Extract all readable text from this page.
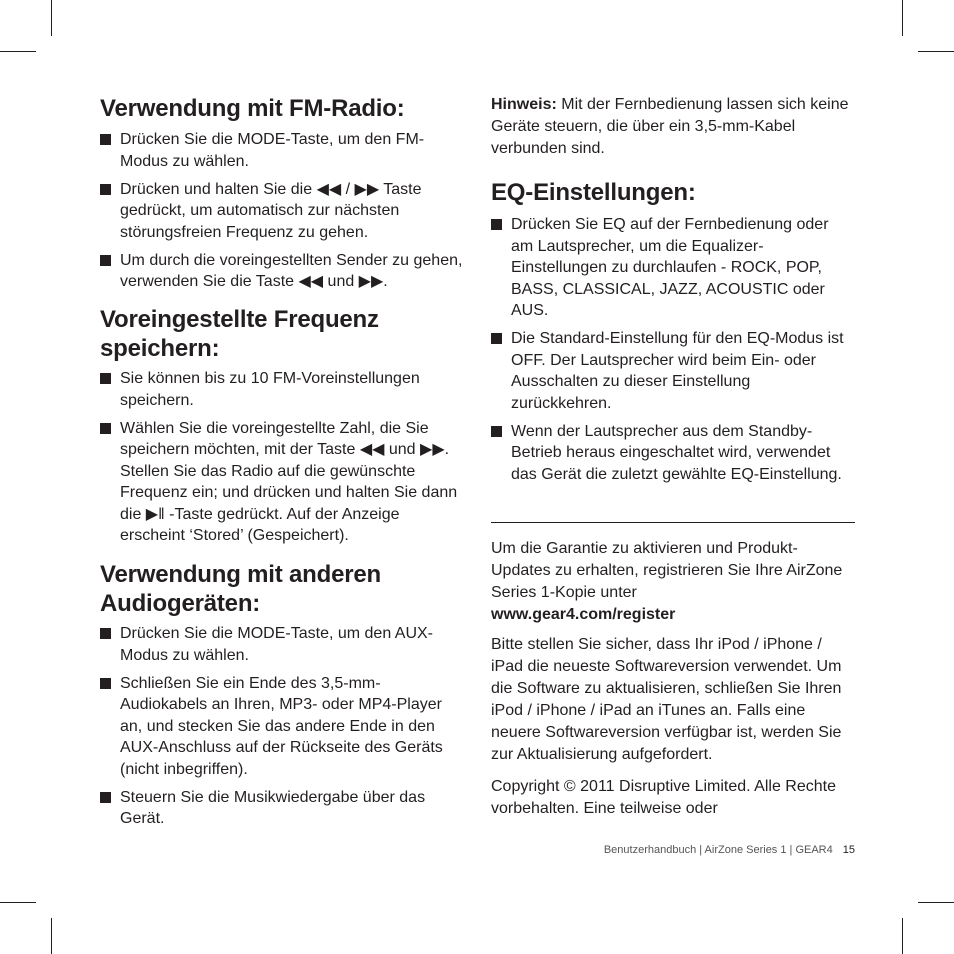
Verwendung mit FM-Radio:
Drücken Sie die MODE-Taste, um den FM-Modus zu wählen.
Drücken und halten Sie die ◀◀ / ▶▶ Taste gedrückt, um automatisch zur nächsten störungsfreien Frequenz zu gehen.
Um durch die voreingestellten Sender zu gehen, verwenden Sie die Taste ◀◀ und ▶▶.
Voreingestellte Frequenz speichern:
Sie können bis zu 10 FM-Voreinstellungen speichern.
Wählen Sie die voreingestellte Zahl, die Sie speichern möchten, mit der Taste ◀◀ und ▶▶. Stellen Sie das Radio auf die gewünschte Frequenz ein; und drücken und halten Sie dann die ▶ǁ -Taste gedrückt. Auf der Anzeige erscheint ‘Stored’ (Gespeichert).
Verwendung mit anderen Audiogeräten:
Drücken Sie die MODE-Taste, um den AUX-Modus zu wählen.
Schließen Sie ein Ende des 3,5-mm-Audiokabels an Ihren, MP3- oder MP4-Player an, und stecken Sie das andere Ende in den AUX-Anschluss auf der Rückseite des Geräts (nicht inbegriffen).
Steuern Sie die Musikwiedergabe über das Gerät.

Hinweis: Mit der Fernbedienung lassen sich keine Geräte steuern, die über ein 3,5-mm-Kabel verbunden sind.

EQ-Einstellungen:
Drücken Sie EQ auf der Fernbedienung oder am Lautsprecher, um die Equalizer-Einstellungen zu durchlaufen - ROCK, POP, BASS, CLASSICAL, JAZZ, ACOUSTIC oder AUS.
Die Standard-Einstellung für den EQ-Modus ist OFF. Der Lautsprecher wird beim Ein- oder Ausschalten zu dieser Einstellung zurückkehren.
Wenn der Lautsprecher aus dem Standby-Betrieb heraus eingeschaltet wird, verwendet das Gerät die zuletzt gewählte EQ-Einstellung.

Um die Garantie zu aktivieren und Produkt-Updates zu erhalten, registrieren Sie Ihre AirZone Series 1-Kopie unter
www.gear4.com/register

Bitte stellen Sie sicher, dass Ihr iPod / iPhone / iPad die neueste Softwareversion verwendet. Um die Software zu aktualisieren, schließen Sie Ihren iPod / iPhone / iPad an iTunes an. Falls eine neuere Softwareversion verfügbar ist, werden Sie zur Aktualisierung aufgefordert.

Copyright © 2011 Disruptive Limited. Alle Rechte vorbehalten. Eine teilweise oder

Benutzerhandbuch | AirZone Series 1 | GEAR4 15
